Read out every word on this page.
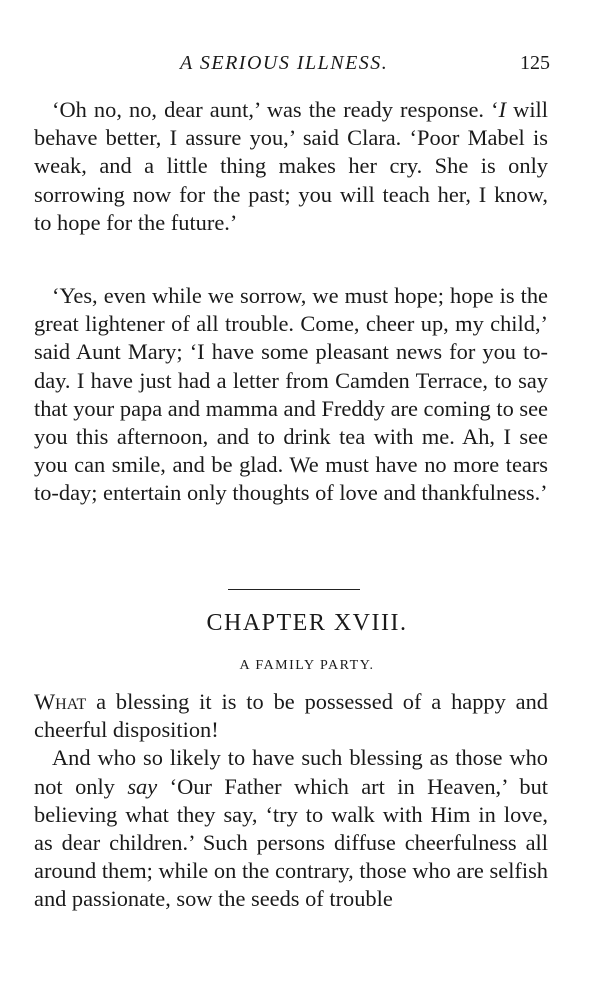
A SERIOUS ILLNESS.	125

‘Oh no, no, dear aunt,’ was the ready response. ‘I will behave better, I assure you,’ said Clara. ‘Poor Mabel is weak, and a little thing makes her cry. She is only sorrowing now for the past; you will teach her, I know, to hope for the future.’

‘Yes, even while we sorrow, we must hope; hope is the great lightener of all trouble. Come, cheer up, my child,’ said Aunt Mary; ‘I have some pleasant news for you to-day. I have just had a letter from Camden Terrace, to say that your papa and mamma and Freddy are coming to see you this afternoon, and to drink tea with me. Ah, I see you can smile, and be glad. We must have no more tears to-day; entertain only thoughts of love and thankfulness.’

CHAPTER XVIII.
A FAMILY PARTY.

What a blessing it is to be possessed of a happy and cheerful disposition!

And who so likely to have such blessing as those who not only say ‘Our Father which art in Heaven,’ but believing what they say, ‘try to walk with Him in love, as dear children.’ Such persons diffuse cheerfulness all around them; while on the contrary, those who are selfish and passionate, sow the seeds of trouble
